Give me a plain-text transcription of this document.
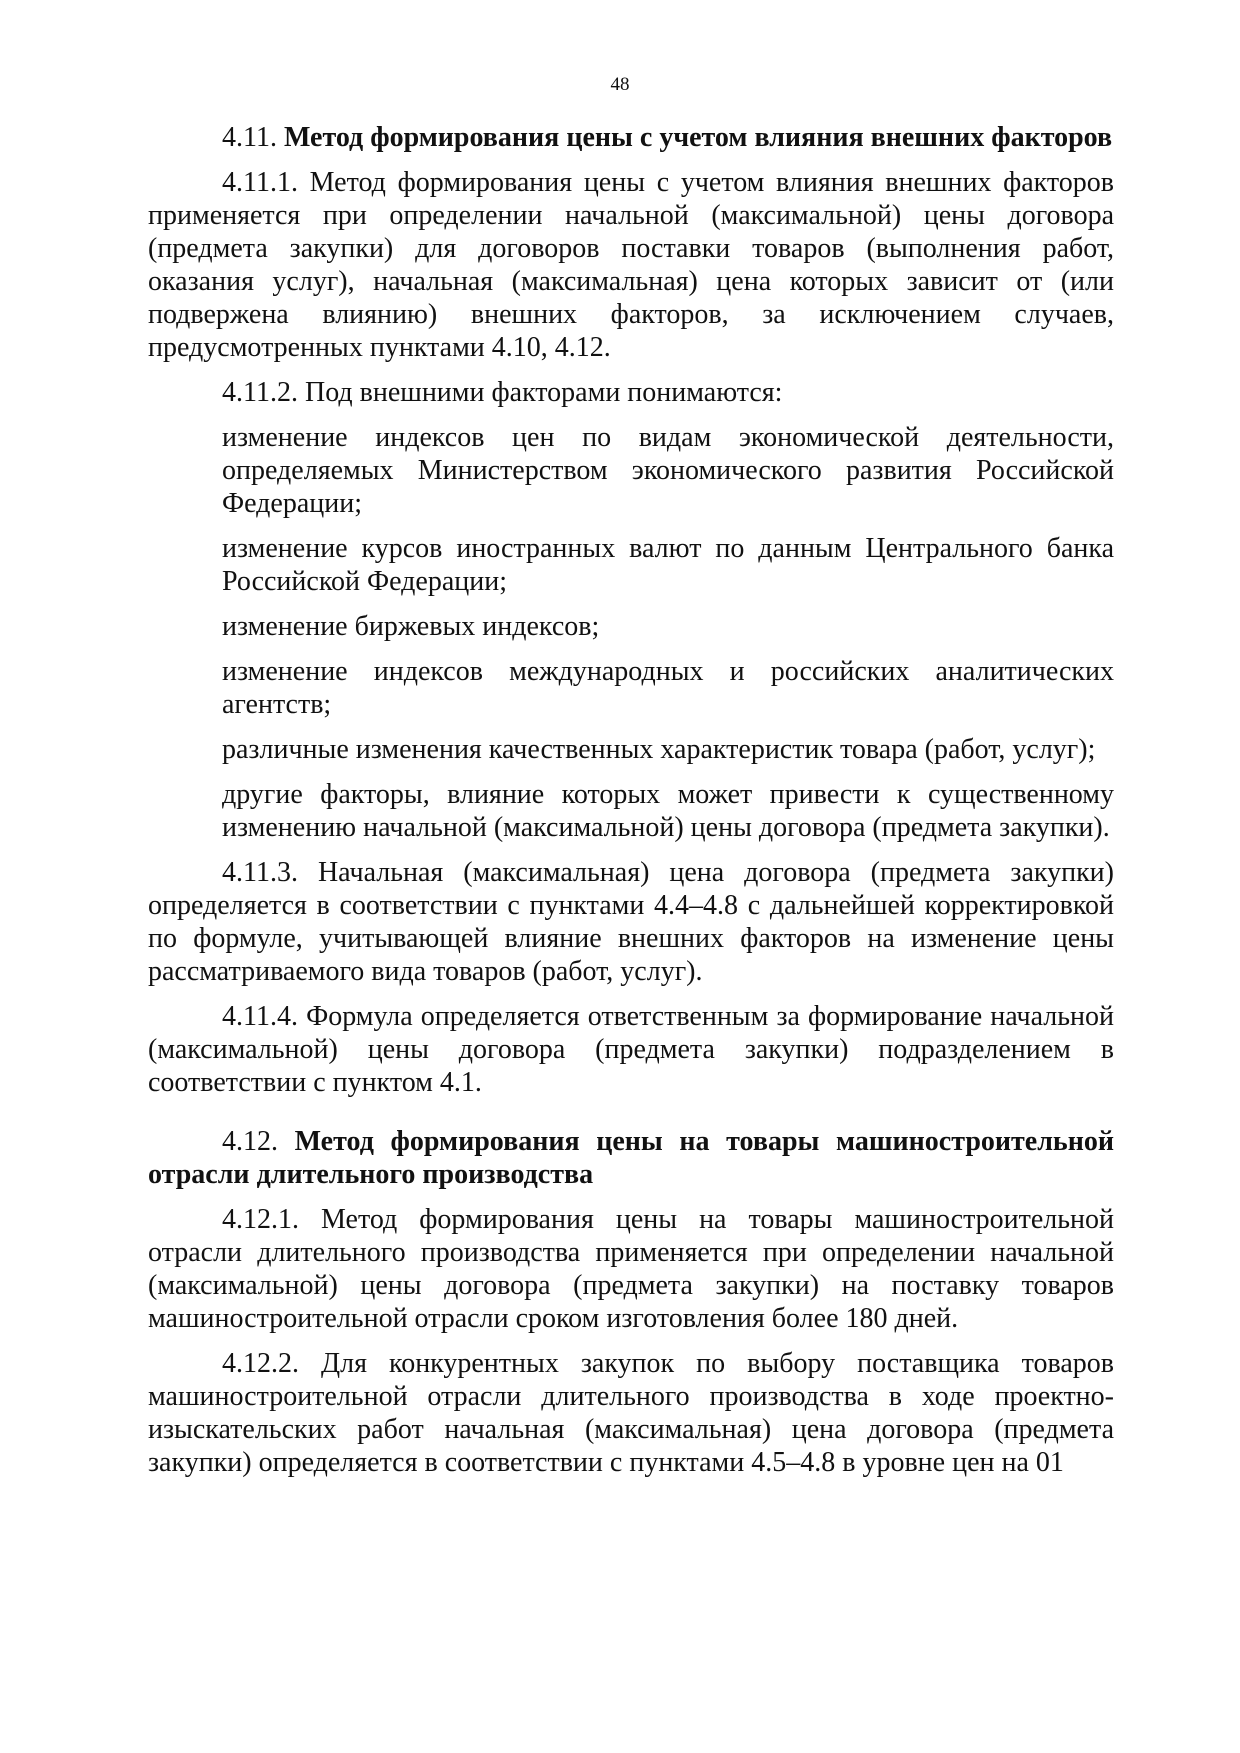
48

4.11. Метод формирования цены с учетом влияния внешних факторов

4.11.1. Метод формирования цены с учетом влияния внешних факторов применяется при определении начальной (максимальной) цены договора (предмета закупки) для договоров поставки товаров (выполнения работ, оказания услуг), начальная (максимальная) цена которых зависит от (или подвержена влиянию) внешних факторов, за исключением случаев, предусмотренных пунктами 4.10, 4.12.

4.11.2. Под внешними факторами понимаются:

изменение индексов цен по видам экономической деятельности, определяемых Министерством экономического развития Российской Федерации;

изменение курсов иностранных валют по данным Центрального банка Российской Федерации;

изменение биржевых индексов;

изменение индексов международных и российских аналитических агентств;

различные изменения качественных характеристик товара (работ, услуг);

другие факторы, влияние которых может привести к существенному изменению начальной (максимальной) цены договора (предмета закупки).

4.11.3. Начальная (максимальная) цена договора (предмета закупки) определяется в соответствии с пунктами 4.4–4.8 с дальнейшей корректировкой по формуле, учитывающей влияние внешних факторов на изменение цены рассматриваемого вида товаров (работ, услуг).

4.11.4. Формула определяется ответственным за формирование начальной (максимальной) цены договора (предмета закупки) подразделением в соответствии с пунктом 4.1.

4.12. Метод формирования цены на товары машиностроительной отрасли длительного производства

4.12.1. Метод формирования цены на товары машиностроительной отрасли длительного производства применяется при определении начальной (максимальной) цены договора (предмета закупки) на поставку товаров машиностроительной отрасли сроком изготовления более 180 дней.

4.12.2. Для конкурентных закупок по выбору поставщика товаров машиностроительной отрасли длительного производства в ходе проектно-изыскательских работ начальная (максимальная) цена договора (предмета закупки) определяется в соответствии с пунктами 4.5–4.8 в уровне цен на 01
